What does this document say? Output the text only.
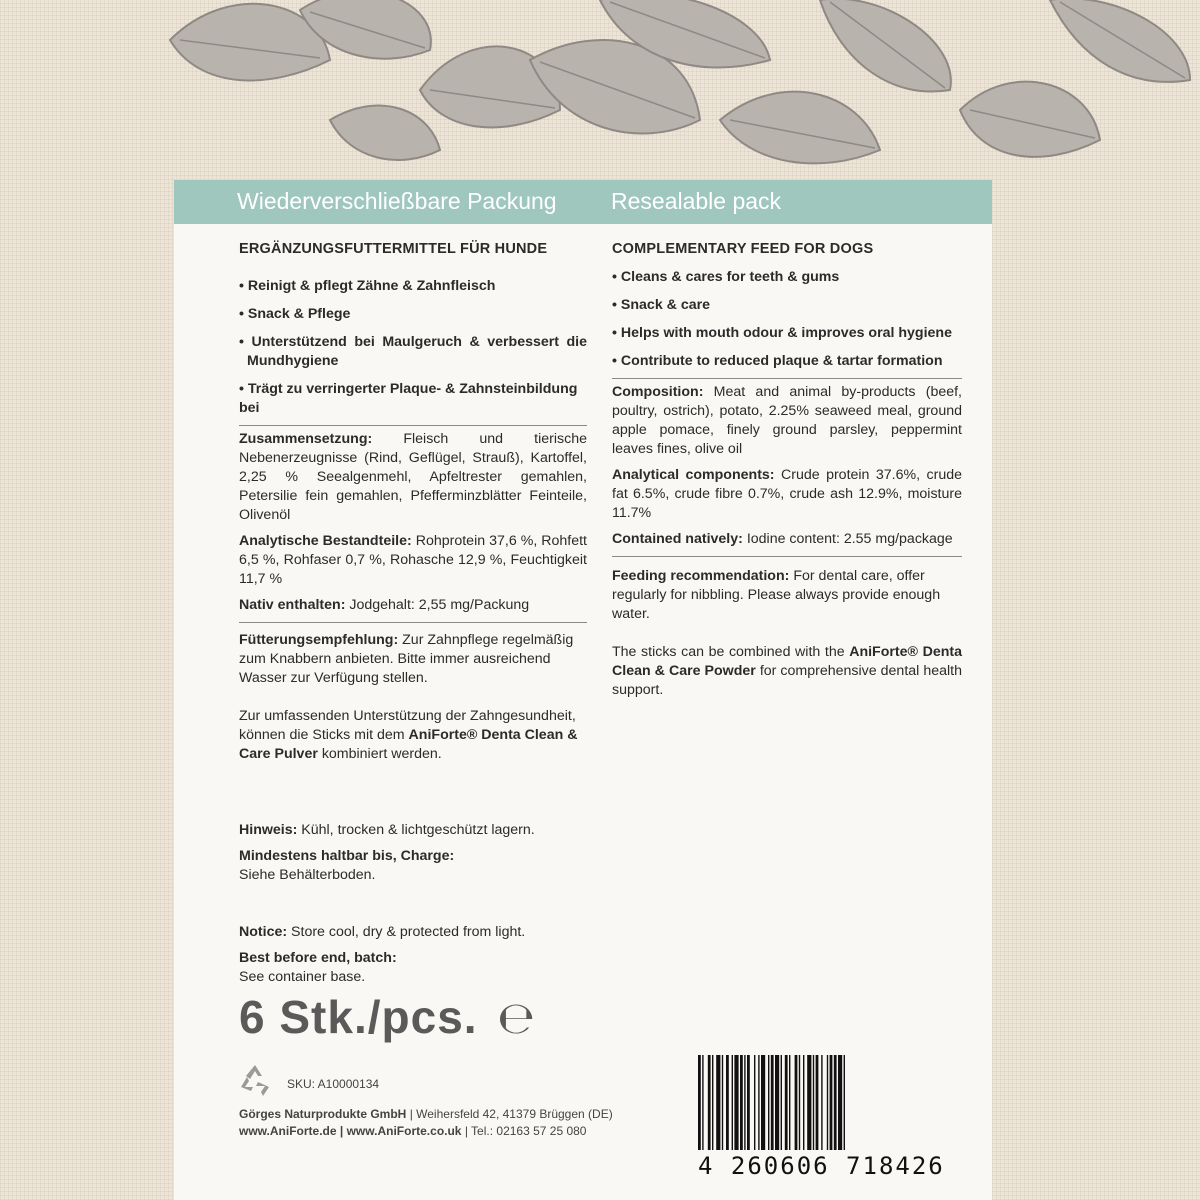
Wiederverschließbare Packung Resealable pack

ERGÄNZUNGSFUTTERMITTEL FÜR HUNDE

• Reinigt & pflegt Zähne & Zahnfleisch

• Snack & Pflege

• Unterstützend bei Maulgeruch & verbessert die Mundhygiene

• Trägt zu verringerter Plaque- & Zahnsteinbildung bei

Zusammensetzung: Fleisch und tierische Nebenerzeugnisse (Rind, Geflügel, Strauß), Kartoffel, 2,25 % Seealgenmehl, Apfeltrester gemahlen, Petersilie fein gemahlen, Pfefferminzblätter Feinteile, Olivenöl

Analytische Bestandteile: Rohprotein 37,6 %, Rohfett 6,5 %, Rohfaser 0,7 %, Rohasche 12,9 %, Feuchtigkeit 11,7 %

Nativ enthalten: Jodgehalt: 2,55 mg/Packung

Fütterungsempfehlung: Zur Zahnpflege regelmäßig zum Knabbern anbieten. Bitte immer ausreichend Wasser zur Verfügung stellen.

Zur umfassenden Unterstützung der Zahngesundheit, können die Sticks mit dem AniForte® Denta Clean & Care Pulver kombiniert werden.

Hinweis: Kühl, trocken & lichtgeschützt lagern.

Mindestens haltbar bis, Charge:

Siehe Behälterboden.

Notice: Store cool, dry & protected from light.

Best before end, batch:

See container base.

COMPLEMENTARY FEED FOR DOGS

• Cleans & cares for teeth & gums

• Snack & care

• Helps with mouth odour & improves oral hygiene

• Contribute to reduced plaque & tartar formation

Composition: Meat and animal by-products (beef, poultry, ostrich), potato, 2.25% seaweed meal, ground apple pomace, finely ground parsley, peppermint leaves fines, olive oil

Analytical components: Crude protein 37.6%, crude fat 6.5%, crude fibre 0.7%, crude ash 12.9%, moisture 11.7%

Contained natively: Iodine content: 2.55 mg/package

Feeding recommendation: For dental care, offer regularly for nibbling. Please always provide enough water.

The sticks can be combined with the AniForte® Denta Clean & Care Powder for comprehensive dental health support.

6 Stk./pcs. ℮
SKU: A10000134
Görges Naturprodukte GmbH | Weihersfeld 42, 41379 Brüggen (DE)
www.AniForte.de | www.AniForte.co.uk | Tel.: 02163 57 25 080
4 260606 718426
